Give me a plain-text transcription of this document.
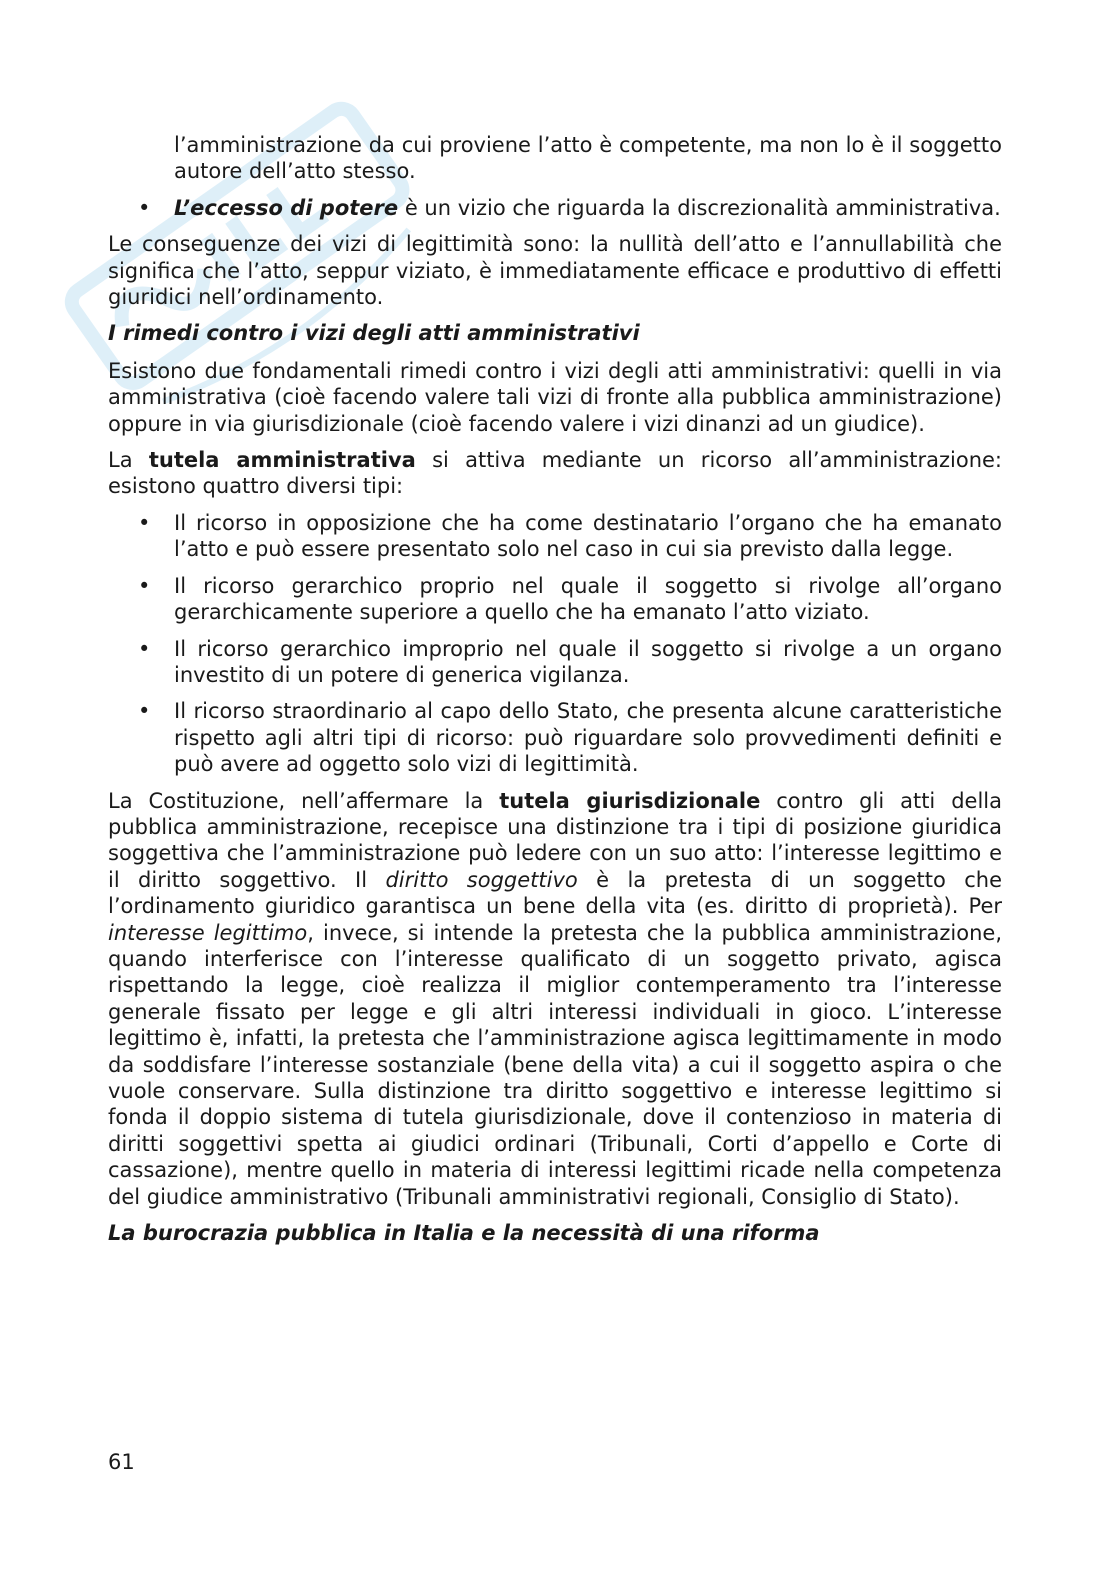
l’amministrazione da cui proviene l’atto è competente, ma non lo è il soggetto autore dell’atto stesso.

• L’eccesso di potere è un vizio che riguarda la discrezionalità amministrativa.

Le conseguenze dei vizi di legittimità sono: la nullità dell’atto e l’annullabilità che significa che l’atto, seppur viziato, è immediatamente efficace e produttivo di effetti giuridici nell’ordinamento.

I rimedi contro i vizi degli atti amministrativi

Esistono due fondamentali rimedi contro i vizi degli atti amministrativi: quelli in via amministrativa (cioè facendo valere tali vizi di fronte alla pubblica amministrazione) oppure in via giurisdizionale (cioè facendo valere i vizi dinanzi ad un giudice).

La tutela amministrativa si attiva mediante un ricorso all’amministrazione: esistono quattro diversi tipi:

• Il ricorso in opposizione che ha come destinatario l’organo che ha emanato l’atto e può essere presentato solo nel caso in cui sia previsto dalla legge.
• Il ricorso gerarchico proprio nel quale il soggetto si rivolge all’organo gerarchicamente superiore a quello che ha emanato l’atto viziato.
• Il ricorso gerarchico improprio nel quale il soggetto si rivolge a un organo investito di un potere di generica vigilanza.
• Il ricorso straordinario al capo dello Stato, che presenta alcune caratteristiche rispetto agli altri tipi di ricorso: può riguardare solo provvedimenti definiti e può avere ad oggetto solo vizi di legittimità.

La Costituzione, nell’affermare la tutela giurisdizionale contro gli atti della pubblica amministrazione, recepisce una distinzione tra i tipi di posizione giuridica soggettiva che l’amministrazione può ledere con un suo atto: l’interesse legittimo e il diritto soggettivo. Il diritto soggettivo è la pretesta di un soggetto che l’ordinamento giuridico garantisca un bene della vita (es. diritto di proprietà). Per interesse legittimo, invece, si intende la pretesta che la pubblica amministrazione, quando interferisce con l’interesse qualificato di un soggetto privato, agisca rispettando la legge, cioè realizza il miglior contemperamento tra l’interesse generale fissato per legge e gli altri interessi individuali in gioco. L’interesse legittimo è, infatti, la pretesta che l’amministrazione agisca legittimamente in modo da soddisfare l’interesse sostanziale (bene della vita) a cui il soggetto aspira o che vuole conservare. Sulla distinzione tra diritto soggettivo e interesse legittimo si fonda il doppio sistema di tutela giurisdizionale, dove il contenzioso in materia di diritti soggettivi spetta ai giudici ordinari (Tribunali, Corti d’appello e Corte di cassazione), mentre quello in materia di interessi legittimi ricade nella competenza del giudice amministrativo (Tribunali amministrativi regionali, Consiglio di Stato).

La burocrazia pubblica in Italia e la necessità di una riforma
61
